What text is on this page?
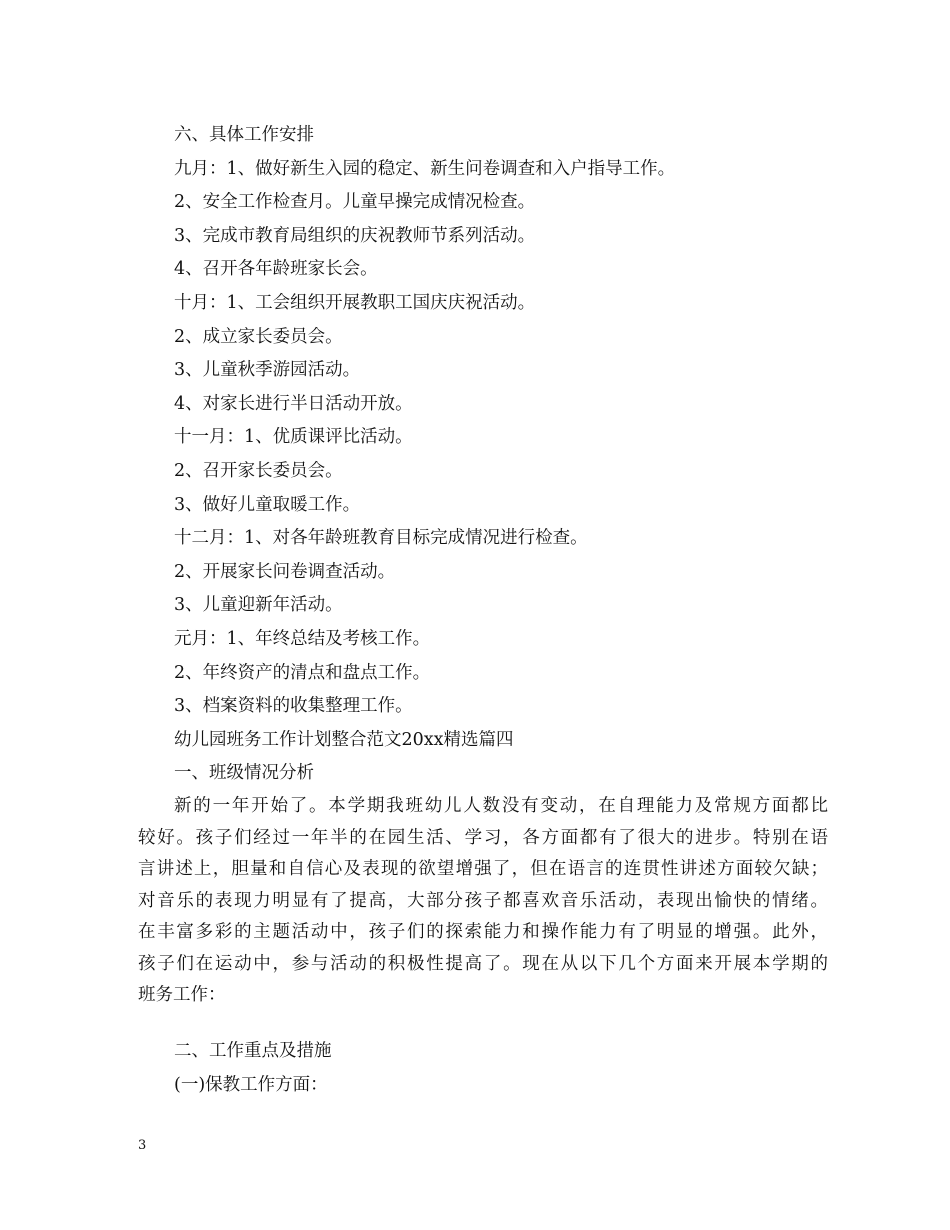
六、具体工作安排
九月：1、做好新生入园的稳定、新生问卷调查和入户指导工作。
2、安全工作检查月。儿童早操完成情况检查。
3、完成市教育局组织的庆祝教师节系列活动。
4、召开各年龄班家长会。
十月：1、工会组织开展教职工国庆庆祝活动。
2、成立家长委员会。
3、儿童秋季游园活动。
4、对家长进行半日活动开放。
十一月：1、优质课评比活动。
2、召开家长委员会。
3、做好儿童取暖工作。
十二月：1、对各年龄班教育目标完成情况进行检查。
2、开展家长问卷调查活动。
3、儿童迎新年活动。
元月：1、年终总结及考核工作。
2、年终资产的清点和盘点工作。
3、档案资料的收集整理工作。
幼儿园班务工作计划整合范文20xx精选篇四
一、班级情况分析
新的一年开始了。本学期我班幼儿人数没有变动，在自理能力及常规方面都比
较好。孩子们经过一年半的在园生活、学习，各方面都有了很大的进步。特别在语
言讲述上，胆量和自信心及表现的欲望增强了，但在语言的连贯性讲述方面较欠缺；
对音乐的表现力明显有了提高，大部分孩子都喜欢音乐活动，表现出愉快的情绪。
在丰富多彩的主题活动中，孩子们的探索能力和操作能力有了明显的增强。此外，
孩子们在运动中，参与活动的积极性提高了。现在从以下几个方面来开展本学期的
班务工作：
二、工作重点及措施
(一)保教工作方面：
3
